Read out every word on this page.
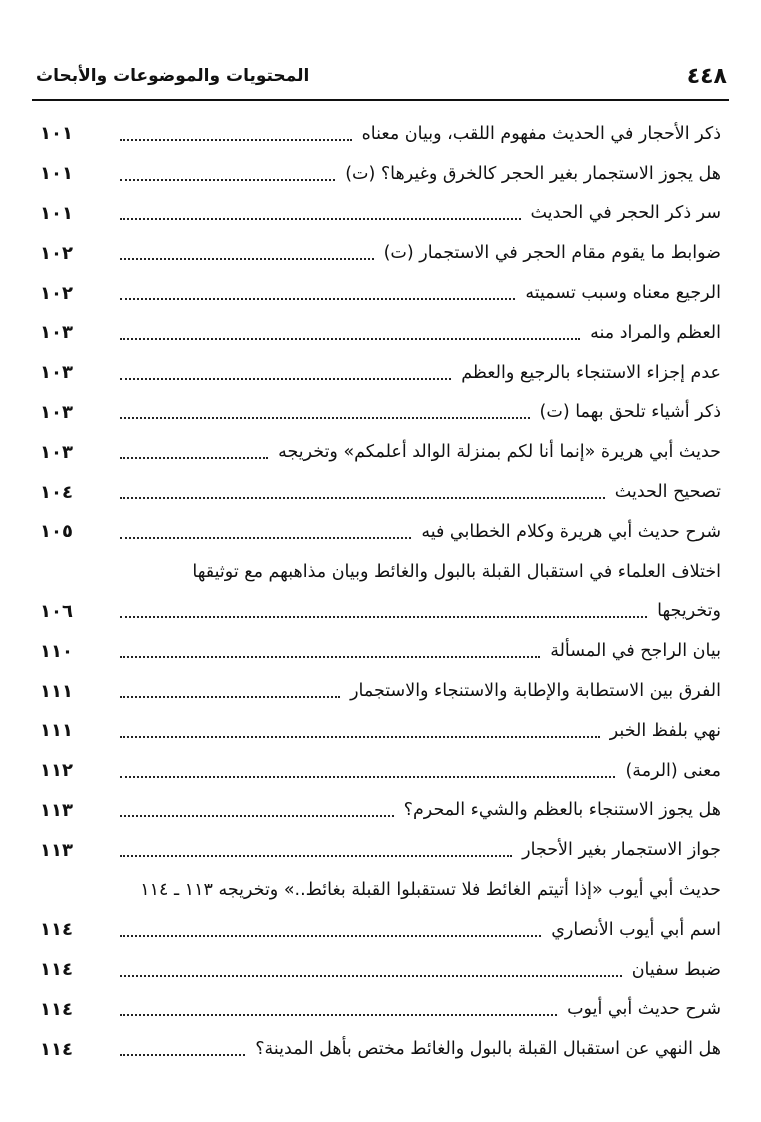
٤٤٨
المحتويات والموضوعات والأبحاث
ذكر الأحجار في الحديث مفهوم اللقب، وبيان معناه
١٠١
هل يجوز الاستجمار بغير الحجر كالخرق وغيرها؟ (ت)
١٠١
سر ذكر الحجر في الحديث
١٠١
ضوابط ما يقوم مقام الحجر في الاستجمار (ت)
١٠٢
الرجيع معناه وسبب تسميته
١٠٢
العظم والمراد منه
١٠٣
عدم إجزاء الاستنجاء بالرجيع والعظم
١٠٣
ذكر أشياء تلحق بهما (ت)
١٠٣
حديث أبي هريرة «إنما أنا لكم بمنزلة الوالد أعلمكم» وتخريجه
١٠٣
تصحيح الحديث
١٠٤
شرح حديث أبي هريرة وكلام الخطابي فيه
١٠٥
اختلاف العلماء في استقبال القبلة بالبول والغائط وبيان مذاهبهم مع توثيقها
وتخريجها
١٠٦
بيان الراجح في المسألة
١١٠
الفرق بين الاستطابة والإطابة والاستنجاء والاستجمار
١١١
نهي بلفظ الخبر
١١١
معنى (الرمة)
١١٢
هل يجوز الاستنجاء بالعظم والشيء المحرم؟
١١٣
جواز الاستجمار بغير الأحجار
١١٣
حديث أبي أيوب «إذا أتيتم الغائط فلا تستقبلوا القبلة بغائط..» وتخريجه ١١٣ ـ ١١٤
اسم أبي أيوب الأنصاري
١١٤
ضبط سفيان
١١٤
شرح حديث أبي أيوب
١١٤
هل النهي عن استقبال القبلة بالبول والغائط مختص بأهل المدينة؟
١١٤
